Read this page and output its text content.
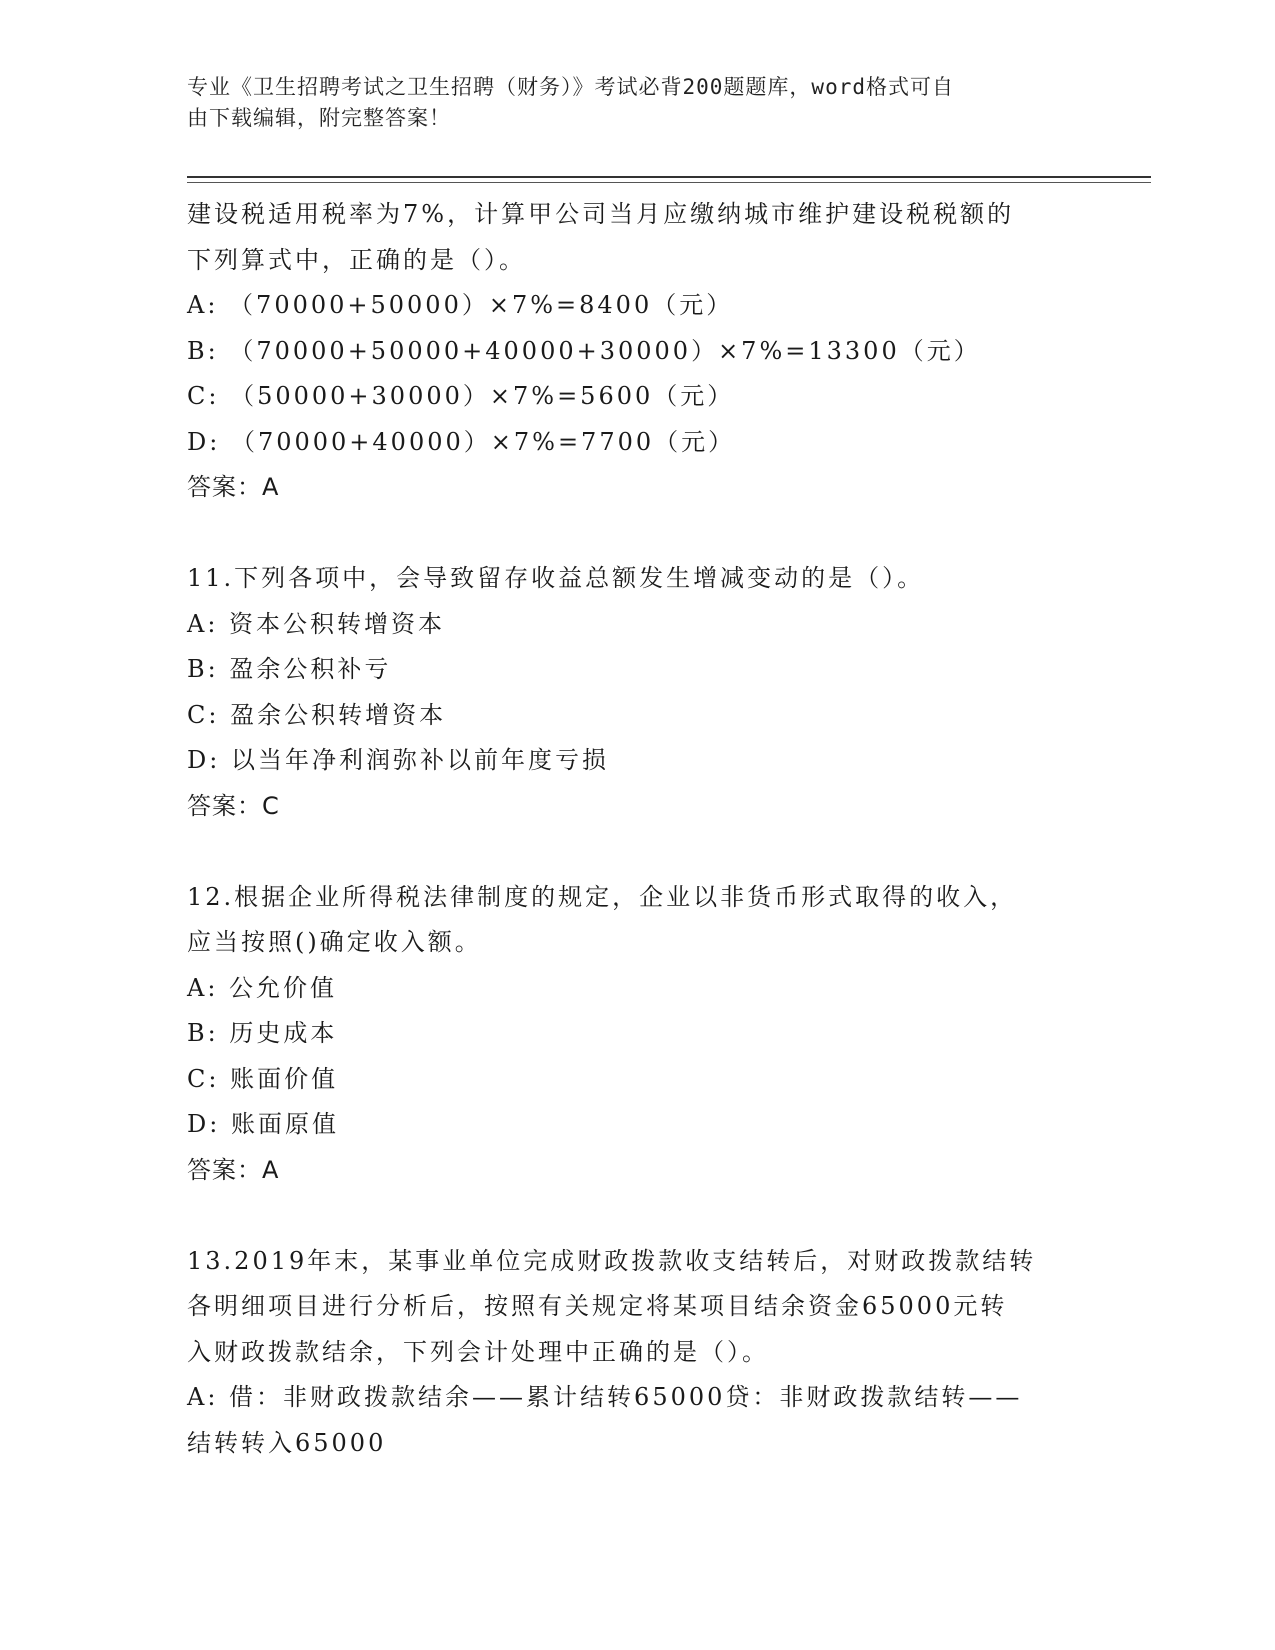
专业《卫生招聘考试之卫生招聘（财务）》考试必背200题题库，word格式可自
由下载编辑，附完整答案！
建设税适用税率为7%，计算甲公司当月应缴纳城市维护建设税税额的
下列算式中，正确的是（）。
A: （70000+50000）×7%=8400（元）
B: （70000+50000+40000+30000）×7%=13300（元）
C: （50000+30000）×7%=5600（元）
D: （70000+40000）×7%=7700（元）
答案：A
11.下列各项中，会导致留存收益总额发生增减变动的是（）。
A: 资本公积转增资本
B: 盈余公积补亏
C: 盈余公积转增资本
D: 以当年净利润弥补以前年度亏损
答案：C
12.根据企业所得税法律制度的规定，企业以非货币形式取得的收入，
应当按照()确定收入额。
A: 公允价值
B: 历史成本
C: 账面价值
D: 账面原值
答案：A
13.2019年末，某事业单位完成财政拨款收支结转后，对财政拨款结转
各明细项目进行分析后，按照有关规定将某项目结余资金65000元转
入财政拨款结余，下列会计处理中正确的是（）。
A: 借：非财政拨款结余——累计结转65000贷：非财政拨款结转——
结转转入65000
